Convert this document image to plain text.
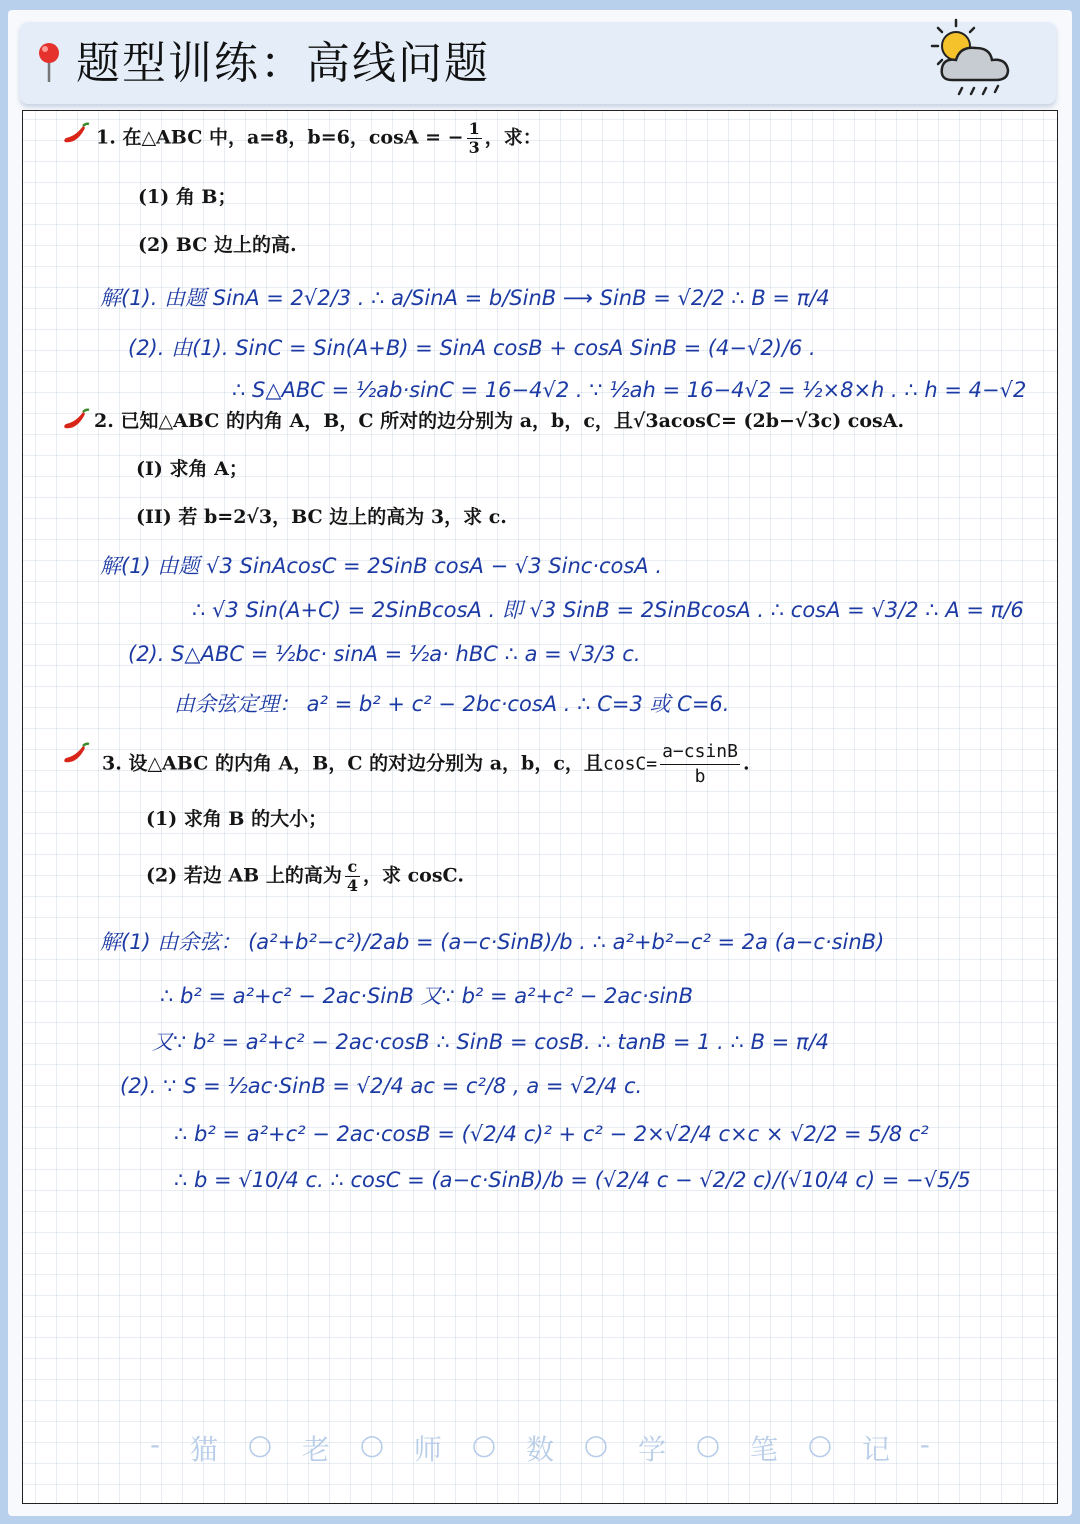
题型训练：高线问题
1. 在△ABC 中，a=8，b=6，cosA = − $\frac{1}{3}$ ，求：
(1) 角 B；
(2) BC 边上的高.
解(1). 由题 SinA = 2√2/3 . ∴ a/SinA = b/SinB ⟶ SinB = √2/2 ∴ B = π/4
(2). 由(1). SinC = Sin(A+B) = SinA cosB + cosA SinB = (4−√2)/6 .
∴ S△ABC = ½ab·sinC = 16−4√2 . ∵ ½ah = 16−4√2 = ½×8×h . ∴ h = 4−√2
2. 已知△ABC 的内角 A，B，C 所对的边分别为 a，b，c，且√3acosC= (2b−√3c) cosA.
(I) 求角 A；
(II) 若 b=2√3，BC 边上的高为 3，求 c.
解(1) 由题 √3 SinAcosC = 2SinB cosA − √3 Sinc·cosA .
∴ √3 Sin(A+C) = 2SinBcosA . 即 √3 SinB = 2SinBcosA . ∴ cosA = √3/2 ∴ A = π/6
(2). S△ABC = ½bc· sinA = ½a· hBC ∴ a = √3/3 c.
由余弦定理： a² = b² + c² − 2bc·cosA . ∴ C=3 或 C=6.
3. 设△ABC 的内角 A，B，C 的对边分别为 a，b，c，且$\cos C= \frac{a-csinB}{b}$ .
(1) 求角 B 的大小；
(2) 若边 AB 上的高为 $\frac{c}{4}$ ，求 cosC.
解(1) 由余弦： (a²+b²−c²)/2ab = (a−c·SinB)/b . ∴ a²+b²−c² = 2a (a−c·sinB)
∴ b² = a²+c² − 2ac·SinB 又∵ b² = a²+c² − 2ac·sinB
又∵ b² = a²+c² − 2ac·cosB ∴ SinB = cosB. ∴ tanB = 1 . ∴ B = π/4
(2). ∵ S = ½ac·SinB = √2/4 ac = c²/8 , a = √2/4 c.
∴ b² = a²+c² − 2ac·cosB = (√2/4 c)² + c² − 2×√2/4 c×c × √2/2 = 5/8 c²
∴ b = √10/4 c. ∴ cosC = (a−c·SinB)/b = (√2/4 c − √2/2 c)/(√10/4 c) = −√5/5
- 猫 ○ 老 ○ 师 ○ 数 ○ 学 ○ 笔 ○ 记 -
